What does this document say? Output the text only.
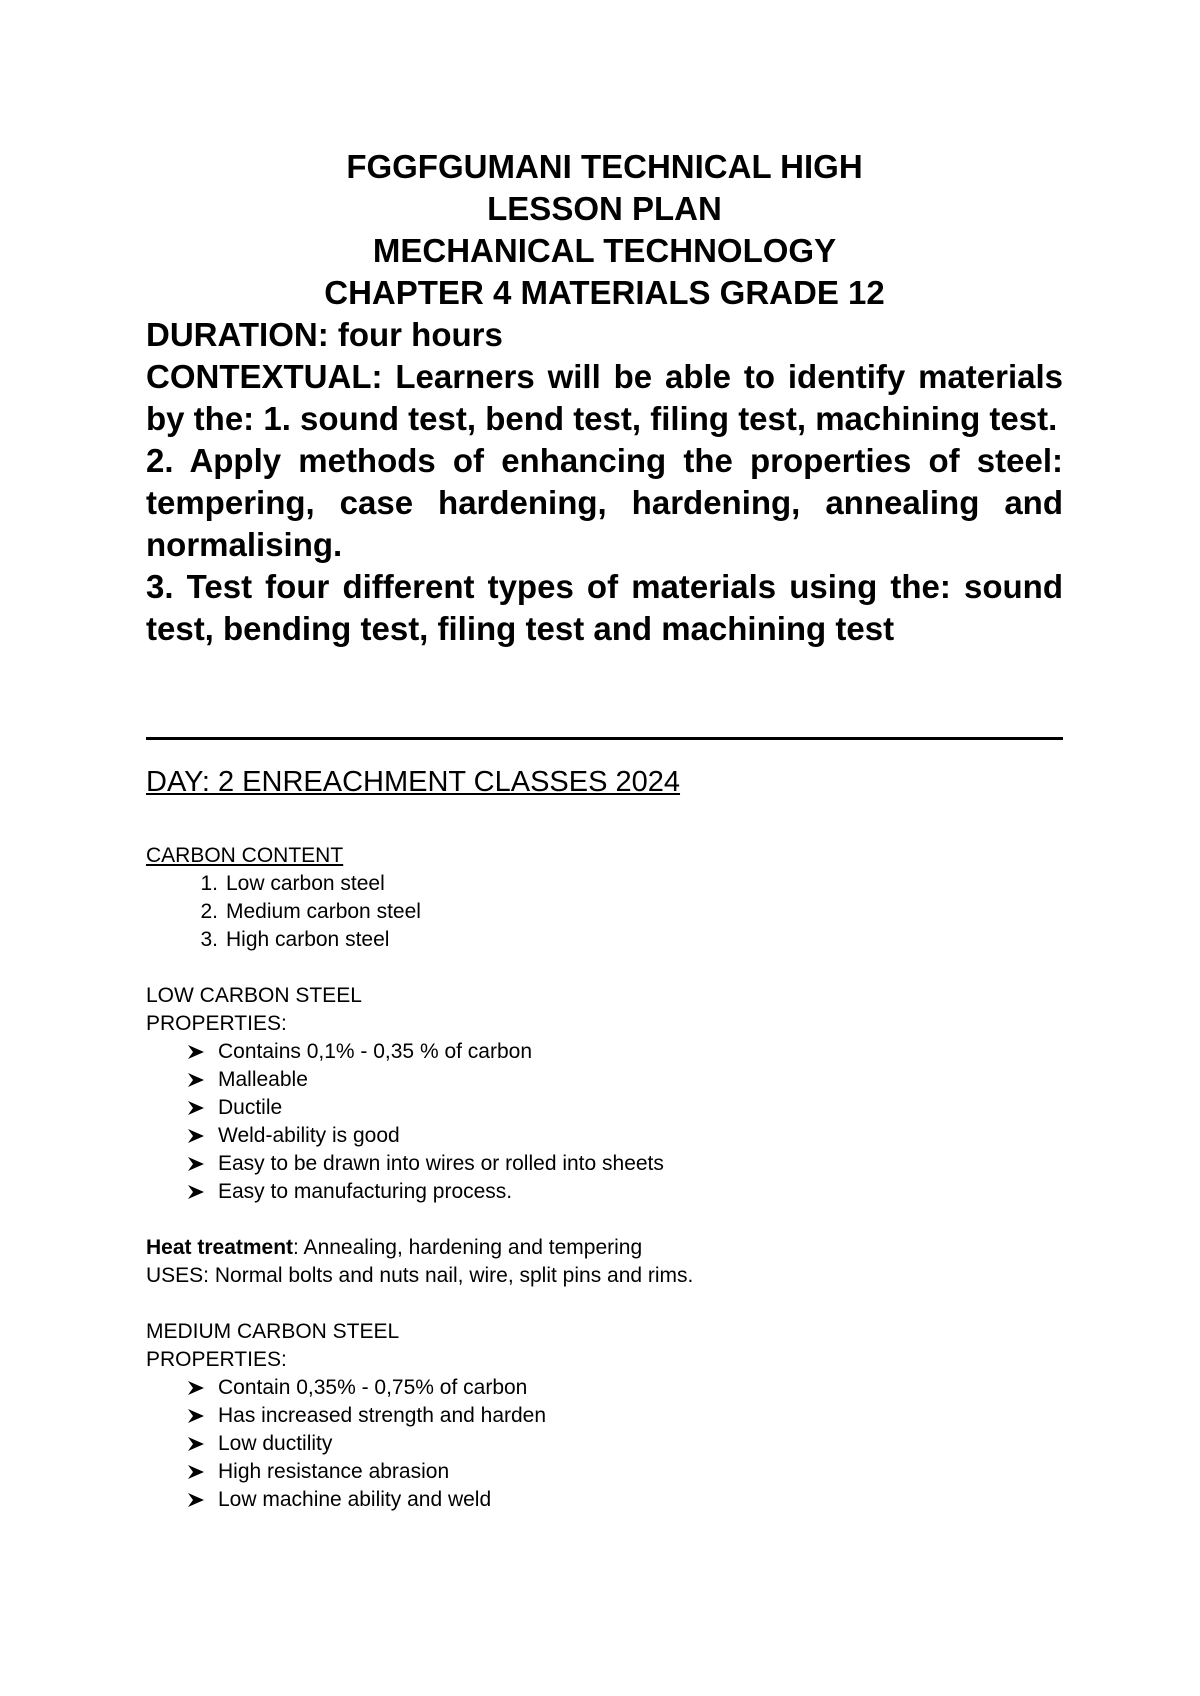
FGGFGUMANI TECHNICAL HIGH
LESSON PLAN
MECHANICAL TECHNOLOGY
CHAPTER 4 MATERIALS GRADE 12

DURATION: four hours

CONTEXTUAL: Learners will be able to identify materials by the: 1. sound test, bend test, filing test, machining test.

2. Apply methods of enhancing the properties of steel: tempering, case hardening, hardening, annealing and normalising.

3. Test four different types of materials using the: sound test, bending test, filing test and machining test

DAY: 2 ENREACHMENT CLASSES 2024
CARBON CONTENT
1. Low carbon steel
2. Medium carbon steel
3. High carbon steel
LOW CARBON STEEL
PROPERTIES:
Contains 0,1% - 0,35 % of carbon
Malleable
Ductile
Weld-ability is good
Easy to be drawn into wires or rolled into sheets
Easy to manufacturing process.
Heat treatment: Annealing, hardening and tempering
USES: Normal bolts and nuts nail, wire, split pins and rims.
MEDIUM CARBON STEEL
PROPERTIES:
Contain 0,35% - 0,75% of carbon
Has increased strength and harden
Low ductility
High resistance abrasion
Low machine ability and weld
